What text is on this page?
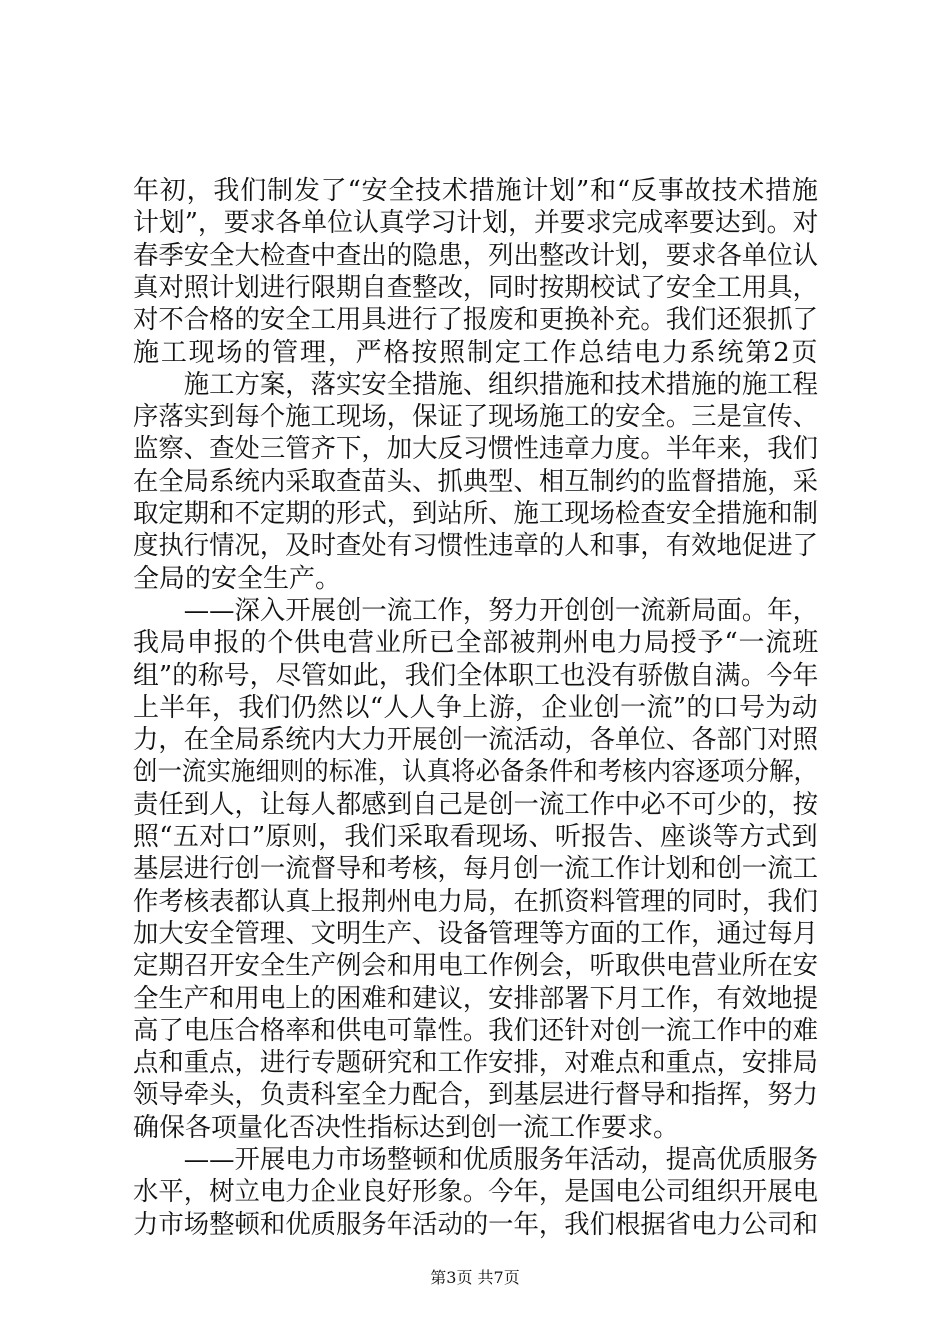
年初，我们制发了“安全技术措施计划”和“反事故技术措施
计划”，要求各单位认真学习计划，并要求完成率要达到。对
春季安全大检查中查出的隐患，列出整改计划，要求各单位认
真对照计划进行限期自查整改，同时按期校试了安全工用具，
对不合格的安全工用具进行了报废和更换补充。我们还狠抓了
施工现场的管理，严格按照制定工作总结电力系统第2页
　　施工方案，落实安全措施、组织措施和技术措施的施工程
序落实到每个施工现场，保证了现场施工的安全。三是宣传、
监察、查处三管齐下，加大反习惯性违章力度。半年来，我们
在全局系统内采取查苗头、抓典型、相互制约的监督措施，采
取定期和不定期的形式，到站所、施工现场检查安全措施和制
度执行情况，及时查处有习惯性违章的人和事，有效地促进了
全局的安全生产。
　　——深入开展创一流工作，努力开创创一流新局面。年，
我局申报的个供电营业所已全部被荆州电力局授予“一流班
组”的称号，尽管如此，我们全体职工也没有骄傲自满。今年
上半年，我们仍然以“人人争上游，企业创一流”的口号为动
力，在全局系统内大力开展创一流活动，各单位、各部门对照
创一流实施细则的标准，认真将必备条件和考核内容逐项分解，
责任到人，让每人都感到自己是创一流工作中必不可少的，按
照“五对口”原则，我们采取看现场、听报告、座谈等方式到
基层进行创一流督导和考核，每月创一流工作计划和创一流工
作考核表都认真上报荆州电力局，在抓资料管理的同时，我们
加大安全管理、文明生产、设备管理等方面的工作，通过每月
定期召开安全生产例会和用电工作例会，听取供电营业所在安
全生产和用电上的困难和建议，安排部署下月工作，有效地提
高了电压合格率和供电可靠性。我们还针对创一流工作中的难
点和重点，进行专题研究和工作安排，对难点和重点，安排局
领导牵头，负责科室全力配合，到基层进行督导和指挥，努力
确保各项量化否决性指标达到创一流工作要求。
　　——开展电力市场整顿和优质服务年活动，提高优质服务
水平，树立电力企业良好形象。今年，是国电公司组织开展电
力市场整顿和优质服务年活动的一年，我们根据省电力公司和
第3页 共7页
